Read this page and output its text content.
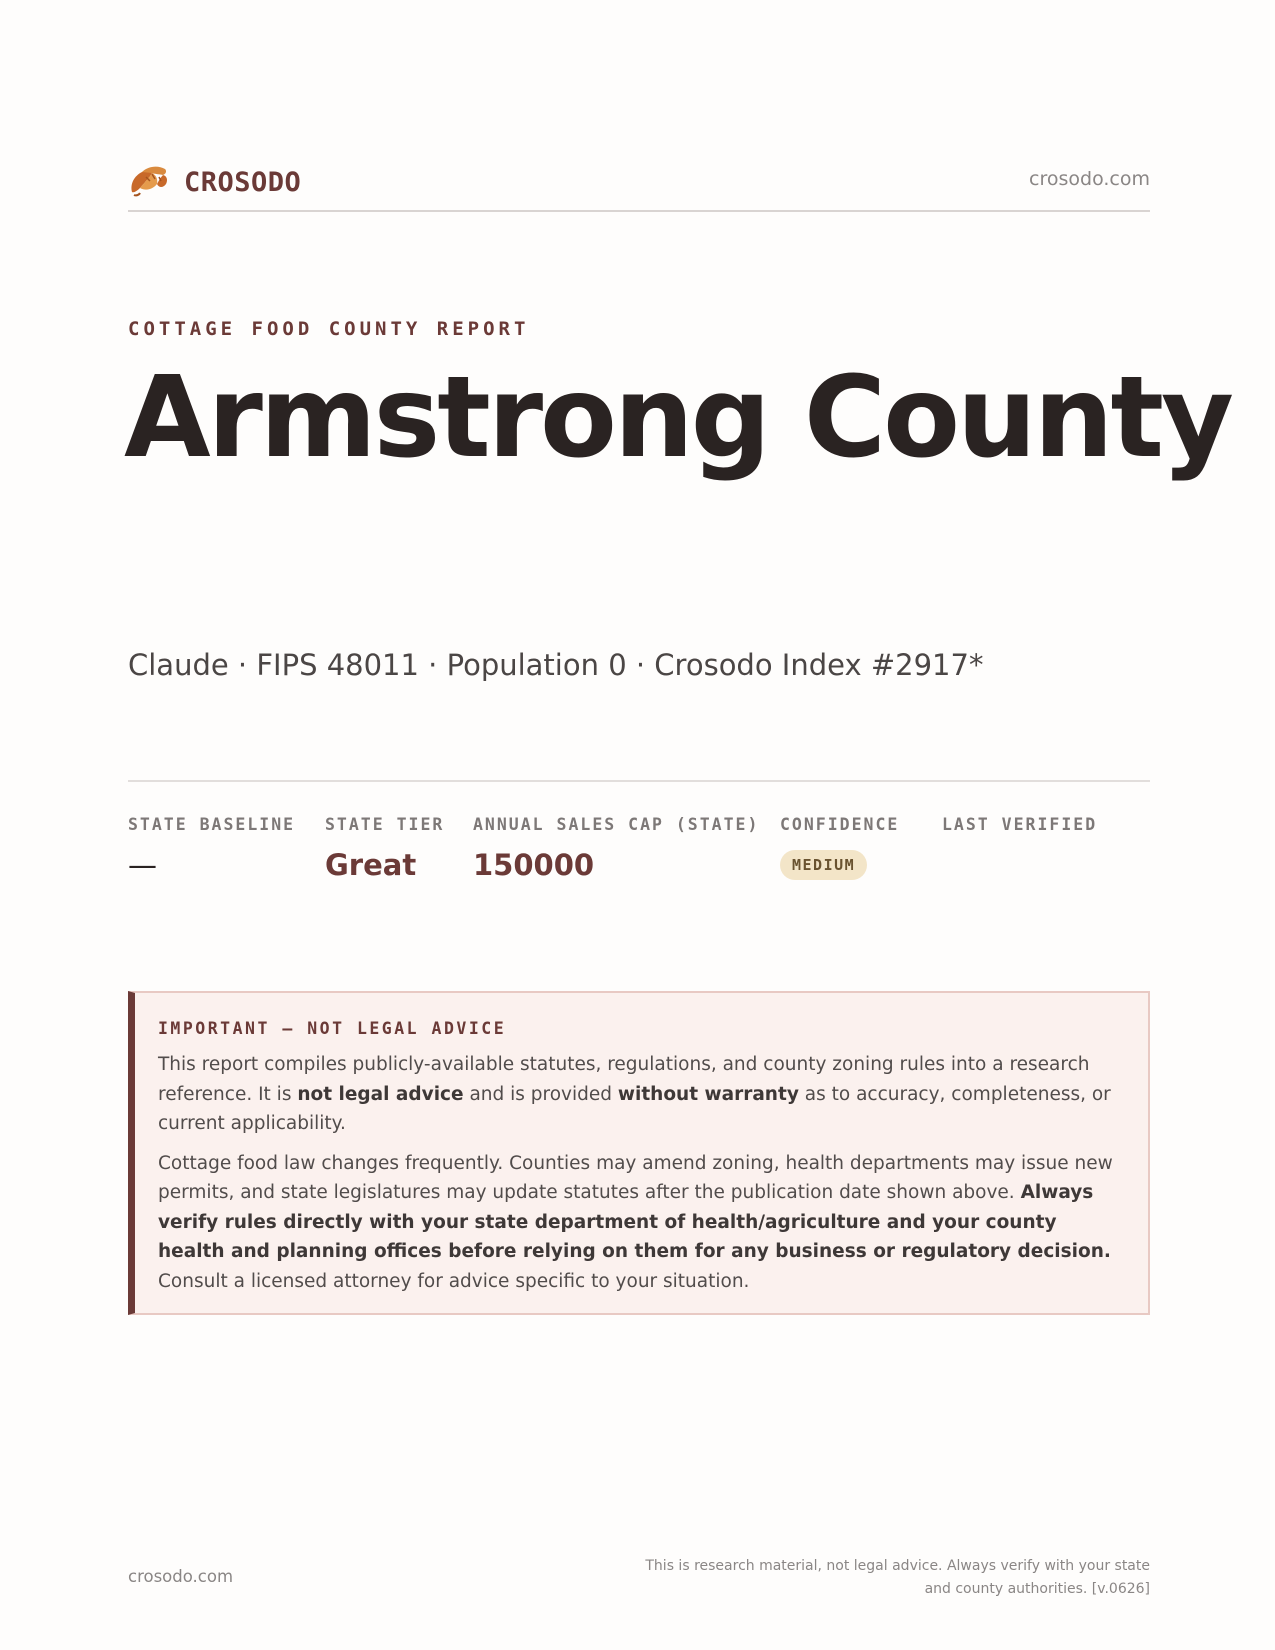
CROSODO	crosodo.com
COTTAGE FOOD COUNTY REPORT
Armstrong County
Claude · FIPS 48011 · Population 0 · Crosodo Index #2917*
STATE BASELINE
—
STATE TIER
Great
ANNUAL SALES CAP (STATE)
150000
CONFIDENCE
MEDIUM
LAST VERIFIED
IMPORTANT — NOT LEGAL ADVICE

This report compiles publicly-available statutes, regulations, and county zoning rules into a research reference. It is not legal advice and is provided without warranty as to accuracy, completeness, or current applicability.

Cottage food law changes frequently. Counties may amend zoning, health departments may issue new permits, and state legislatures may update statutes after the publication date shown above. Always verify rules directly with your state department of health/agriculture and your county health and planning offices before relying on them for any business or regulatory decision. Consult a licensed attorney for advice specific to your situation.

crosodo.com
This is research material, not legal advice. Always verify with your state
and county authorities. [v.0626]
